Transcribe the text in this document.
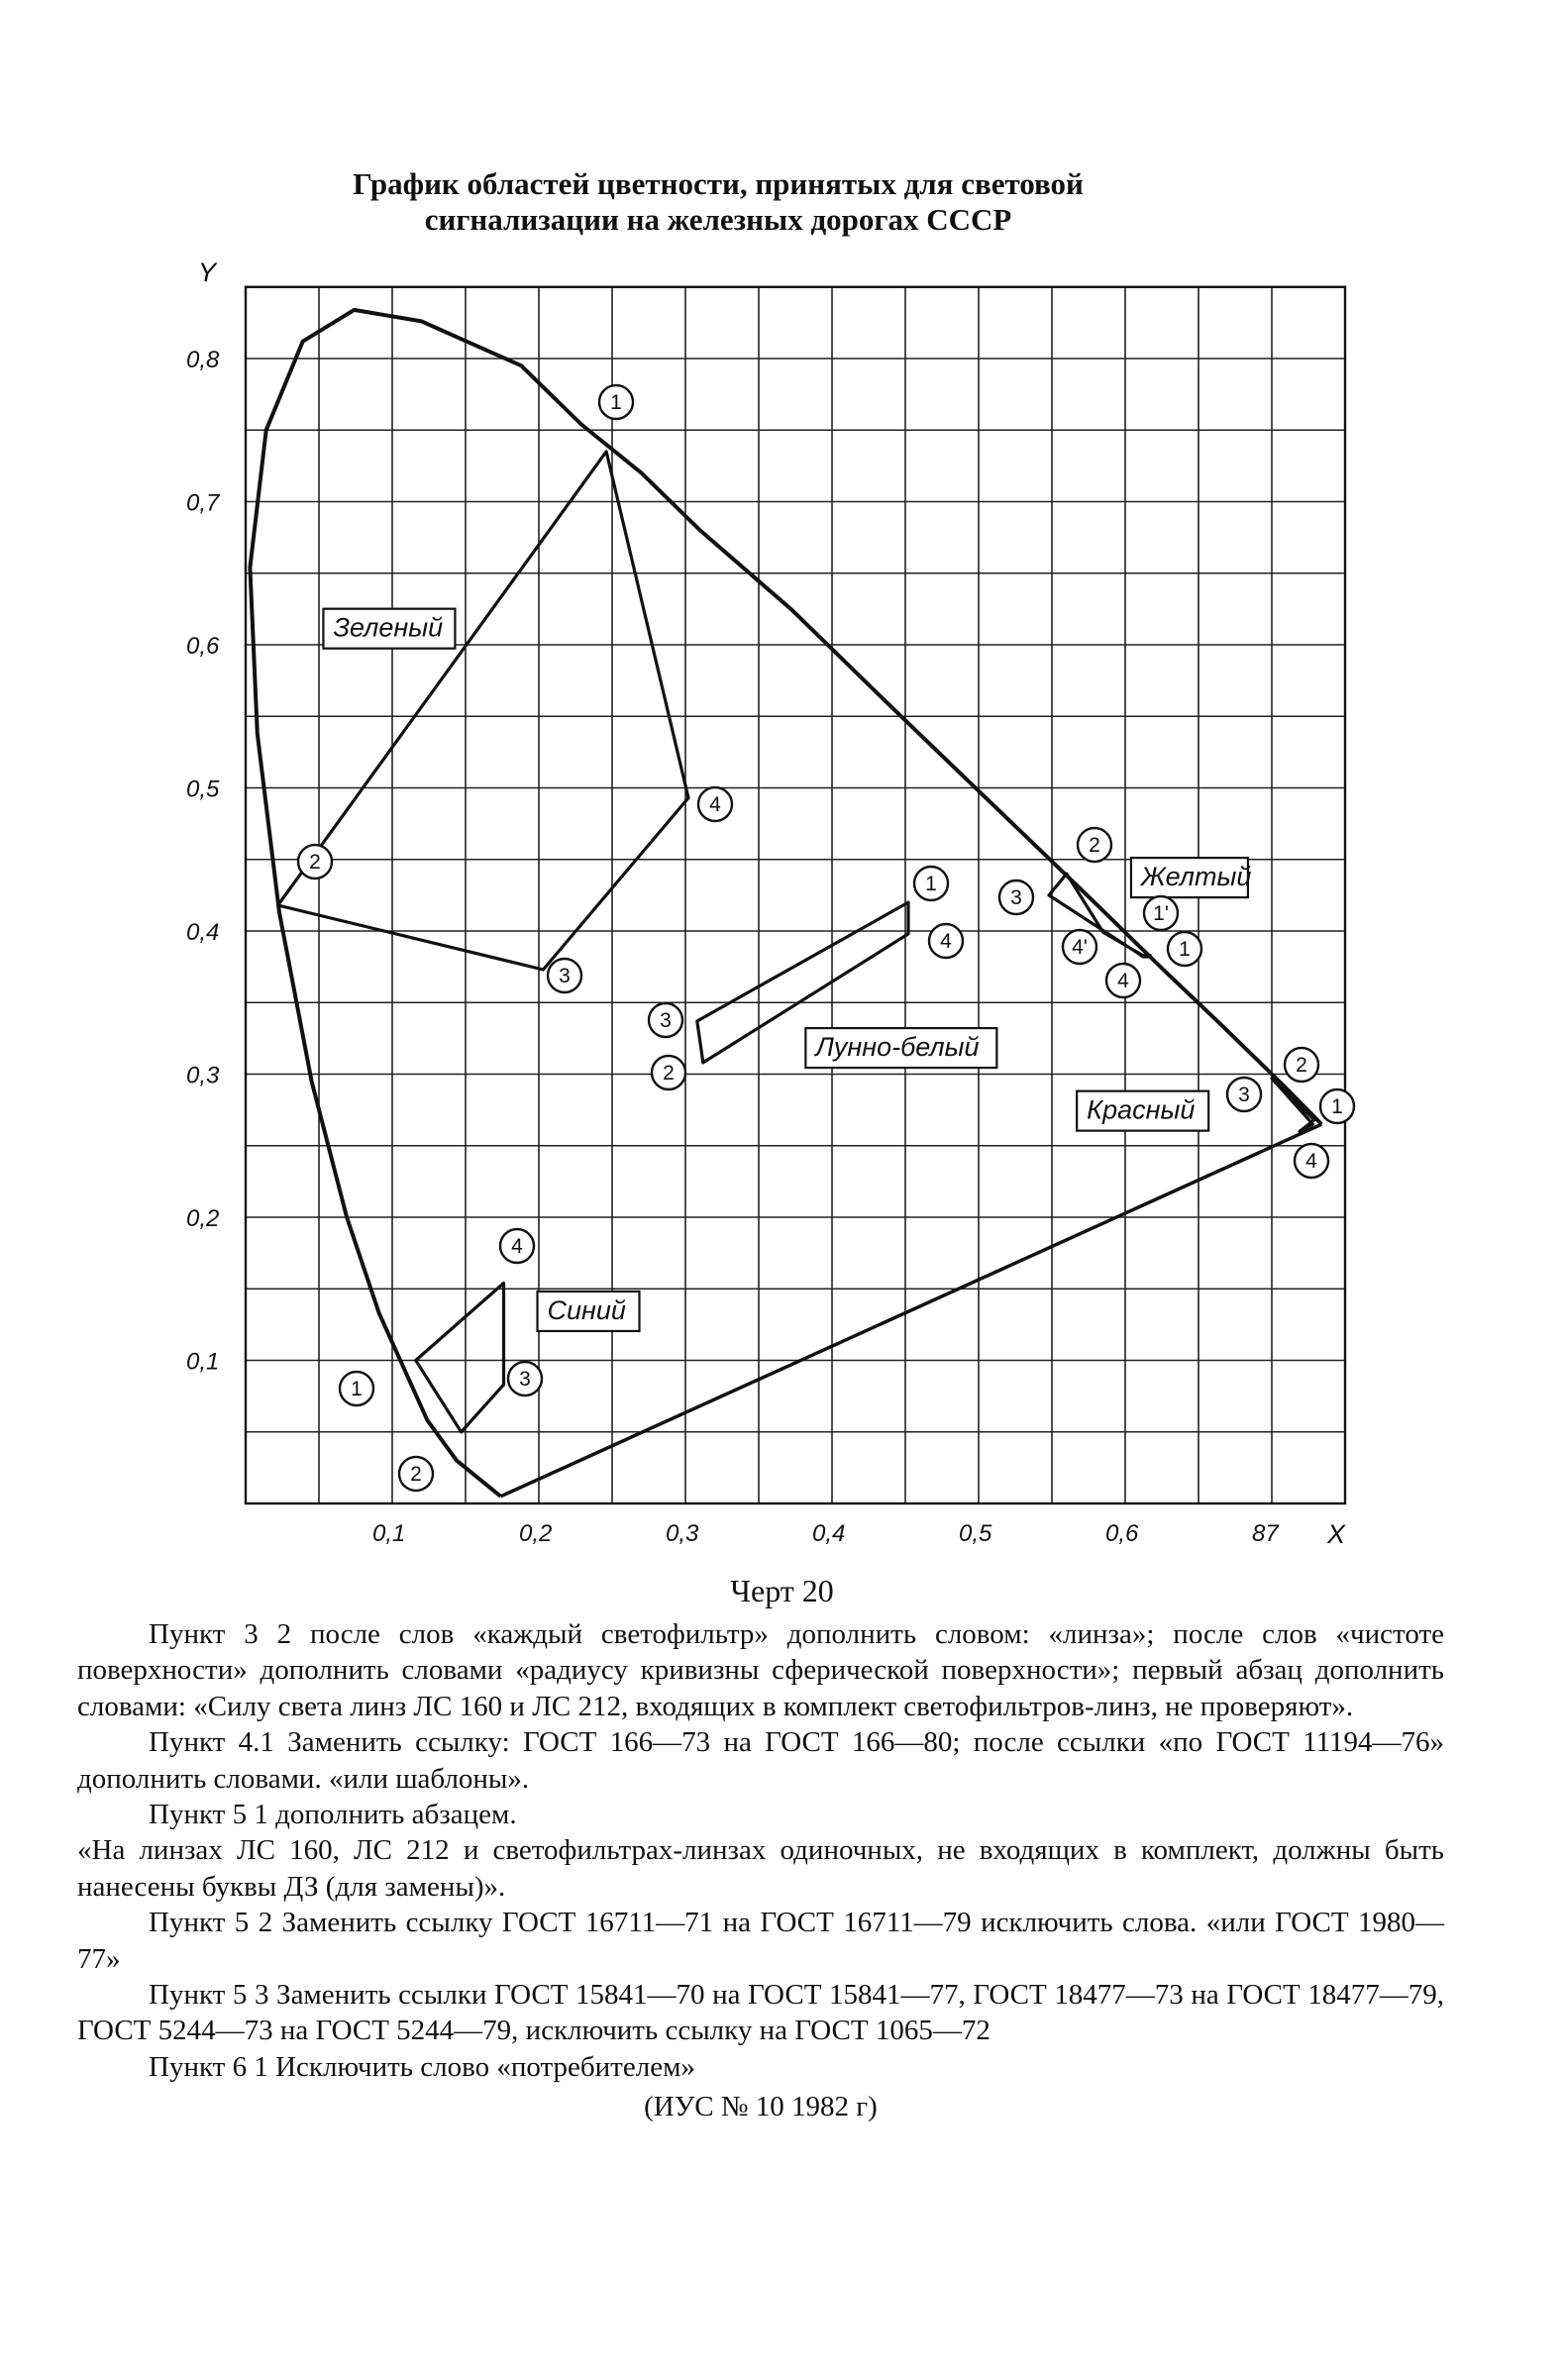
График областей цветности, принятых для световой
сигнализации на железных дорогах СССР
0,1	0,2	0,3	0,4	0,5	0,6	87
0,1
0,2
0,3
0,4
0,5
0,6
0,7
0,8
X
Y
Зеленый
Желтый
Лунно-белый
Красный
Синий
1
4
3
2
2
3
1'
1
4'
4
1
4
3
2	2
1
3
4
4
3
1
2
Черт 20

Пункт 3 2 после слов «каждый светофильтр» дополнить словом: «линза»; после слов «чистоте поверхности» дополнить словами «радиусу кривизны сферической поверхности»; первый абзац дополнить словами: «Силу света линз ЛС 160 и ЛС 212, входящих в комплект светофильтров-линз, не проверяют».

Пункт 4.1 Заменить ссылку: ГОСТ 166—73 на ГОСТ 166—80; после ссылки «по ГОСТ 11194—76» дополнить словами. «или шаблоны».

Пункт 5 1 дополнить абзацем.

«На линзах ЛС 160, ЛС 212 и светофильтрах-линзах одиночных, не входящих в комплект, должны быть нанесены буквы ДЗ (для замены)».

Пункт 5 2 Заменить ссылку ГОСТ 16711—71 на ГОСТ 16711—79 исключить слова. «или ГОСТ 1980—77»

Пункт 5 3 Заменить ссылки ГОСТ 15841—70 на ГОСТ 15841—77, ГОСТ 18477—73 на ГОСТ 18477—79, ГОСТ 5244—73 на ГОСТ 5244—79, исключить ссылку на ГОСТ 1065—72

Пункт 6 1 Исключить слово «потребителем»

(ИУС № 10 1982 г)
